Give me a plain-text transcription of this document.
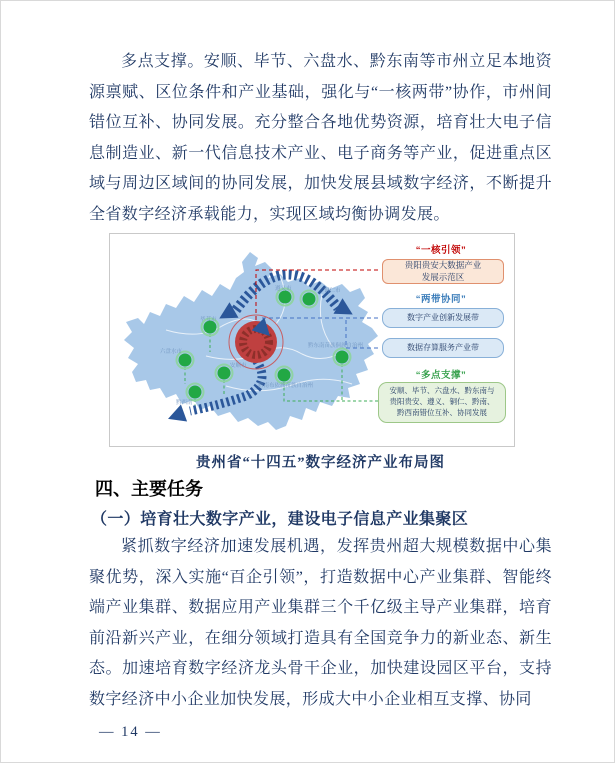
多点支撑。安顺、毕节、六盘水、黔东南等市州立足本地资源禀赋、区位条件和产业基础，强化与“一核两带”协作，市州间错位互补、协同发展。充分整合各地优势资源，培育壮大电子信息制造业、新一代信息技术产业、电子商务等产业，促进重点区域与周边区域间的协同发展，加快发展县域数字经济，不断提升全省数字经济承载能力，实现区域均衡协调发展。

遵义市	铜仁市
毕节市
六盘水市
安顺市
黔西南
黔南布依族苗族自治州
黔东南苗族侗族自治州
“一核引领”
贵阳贵安大数据产业发展示范区
“两带协同”
数字产业创新发展带
数据存算服务产业带
“多点支撑”
安顺、毕节、六盘水、黔东南与贵阳贵安、遵义、铜仁、黔南、黔西南错位互补、协同发展
贵州省“十四五”数字经济产业布局图
四、主要任务
（一）培育壮大数字产业，建设电子信息产业集聚区

紧抓数字经济加速发展机遇，发挥贵州超大规模数据中心集聚优势，深入实施“百企引领”，打造数据中心产业集群、智能终端产业集群、数据应用产业集群三个千亿级主导产业集群，培育前沿新兴产业，在细分领域打造具有全国竞争力的新业态、新生态。加速培育数字经济龙头骨干企业，加快建设园区平台，支持数字经济中小企业加快发展，形成大中小企业相互支撑、协同

— 14 —
